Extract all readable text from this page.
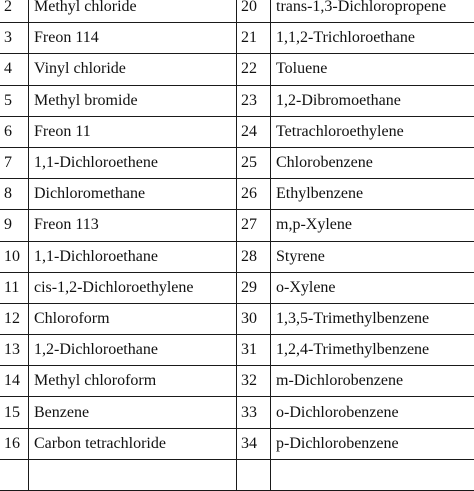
2	Methyl chloride	20	trans-1,3-Dichloropropene
3	Freon 114	21	1,1,2-Trichloroethane
4	Vinyl chloride	22	Toluene
5	Methyl bromide	23	1,2-Dibromoethane
6	Freon 11	24	Tetrachloroethylene
7	1,1-Dichloroethene	25	Chlorobenzene
8	Dichloromethane	26	Ethylbenzene
9	Freon 113	27	m,p-Xylene
10	1,1-Dichloroethane	28	Styrene
11	cis-1,2-Dichloroethylene	29	o-Xylene
12	Chloroform	30	1,3,5-Trimethylbenzene
13	1,2-Dichloroethane	31	1,2,4-Trimethylbenzene
14	Methyl chloroform	32	m-Dichlorobenzene
15	Benzene	33	o-Dichlorobenzene
16	Carbon tetrachloride	34	p-Dichlorobenzene
